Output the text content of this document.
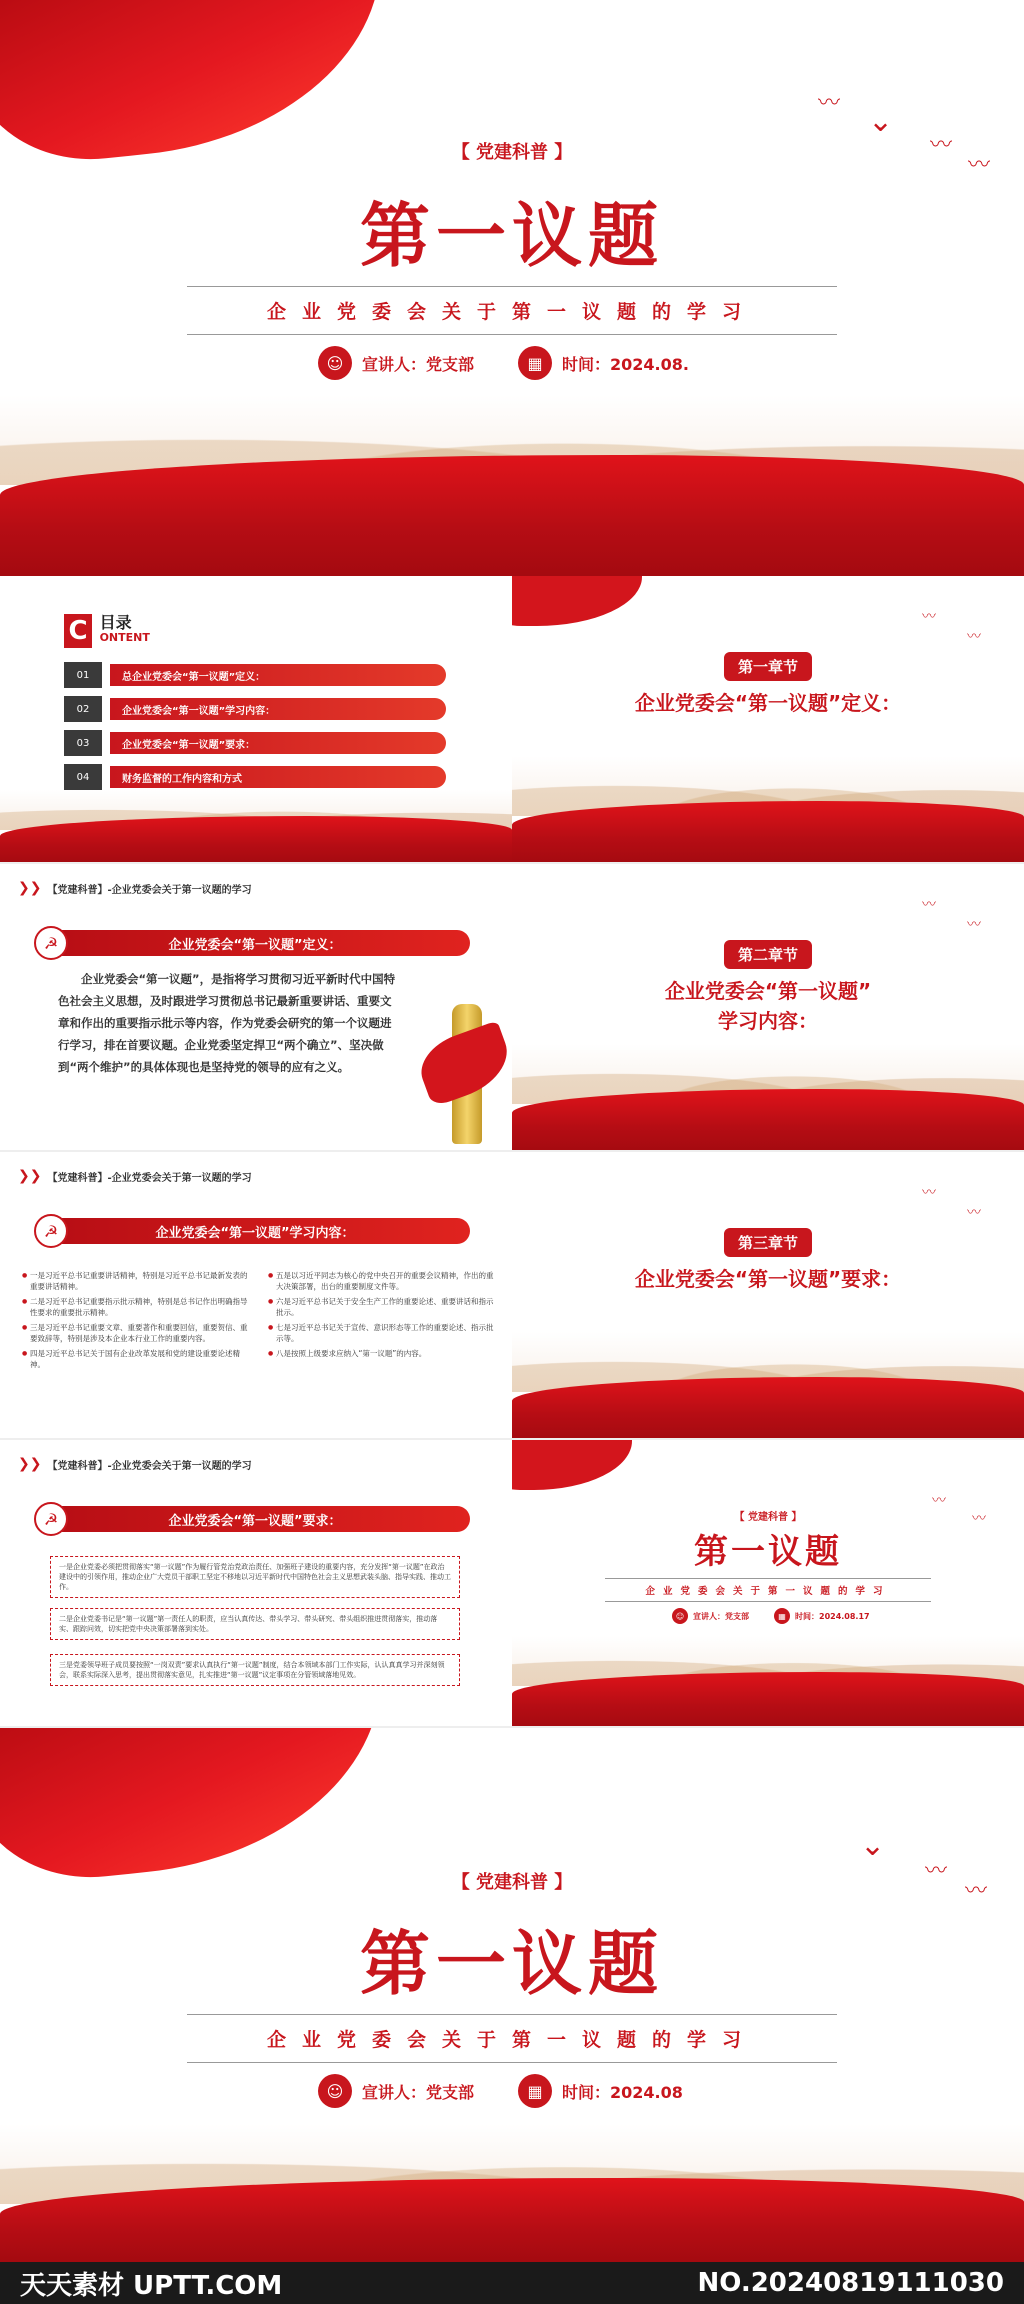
〰
⌄
〰
〰
【 党建科普 】
第一议题
企业党委会关于第一议题的学习
☺	宣讲人：党支部	▦	时间：2024.08.
C 目录
ONTENT
01	总企业党委会“第一议题”定义：
02	企业党委会“第一议题”学习内容：
03	企业党委会“第一议题”要求：
04	财务监督的工作内容和方式
〰
〰
第一章节
企业党委会“第一议题”定义：
❯❯ 【党建科普】-企业党委会关于第一议题的学习
☭	企业党委会“第一议题”定义：
企业党委会“第一议题”，是指将学习贯彻习近平新时代中国特色社会主义思想，及时跟进学习贯彻总书记最新重要讲话、重要文章和作出的重要指示批示等内容，作为党委会研究的第一个议题进行学习，排在首要议题。企业党委坚定捍卫“两个确立”、坚决做到“两个维护”的具体体现也是坚持党的领导的应有之义。
〰
〰
第二章节
企业党委会“第一议题”
学习内容：
❯❯ 【党建科普】-企业党委会关于第一议题的学习
☭	企业党委会“第一议题”学习内容：

● 一是习近平总书记重要讲话精神，特别是习近平总书记最新发表的重要讲话精神。

● 二是习近平总书记重要指示批示精神，特别是总书记作出明确指导性要求的重要批示精神。

● 三是习近平总书记重要文章、重要著作和重要回信，重要贺信、重要致辞等，特别是涉及本企业本行业工作的重要内容。

● 四是习近平总书记关于国有企业改革发展和党的建设重要论述精神。

● 五是以习近平同志为核心的党中央召开的重要会议精神，作出的重大决策部署，出台的重要制度文件等。

● 六是习近平总书记关于安全生产工作的重要论述、重要讲话和指示批示。

● 七是习近平总书记关于宣传、意识形态等工作的重要论述、指示批示等。

● 八是按照上级要求应纳入“第一议题”的内容。

〰
〰
第三章节
企业党委会“第一议题”要求：
❯❯ 【党建科普】-企业党委会关于第一议题的学习
☭	企业党委会“第一议题”要求：
一是企业党委必须把贯彻落实“第一议题”作为履行管党治党政治责任、加强班子建设的重要内容，充分发挥“第一议题”在政治建设中的引领作用，推动企业广大党员干部职工坚定不移地以习近平新时代中国特色社会主义思想武装头脑、指导实践、推动工作。
二是企业党委书记是“第一议题”第一责任人的职责，应当认真传达、带头学习、带头研究、带头组织推进贯彻落实，推动落实、跟踪问效，切实把党中央决策部署落到实处。
三是党委领导班子成员要按照“一岗双责”要求认真执行“第一议题”制度，结合本领域本部门工作实际，认认真真学习并深刻领会，联系实际深入思考，提出贯彻落实意见，扎实推进“第一议题”议定事项在分管领域落地见效。
〰
〰
【 党建科普 】
第一议题
企业党委会关于第一议题的学习
☺	宣讲人：党支部	▦	时间：2024.08.17
⌄
〰
〰
【 党建科普 】
第一议题
企业党委会关于第一议题的学习
☺	宣讲人：党支部	▦	时间：2024.08
天天素材 UPTT.COM	NO.20240819111030
